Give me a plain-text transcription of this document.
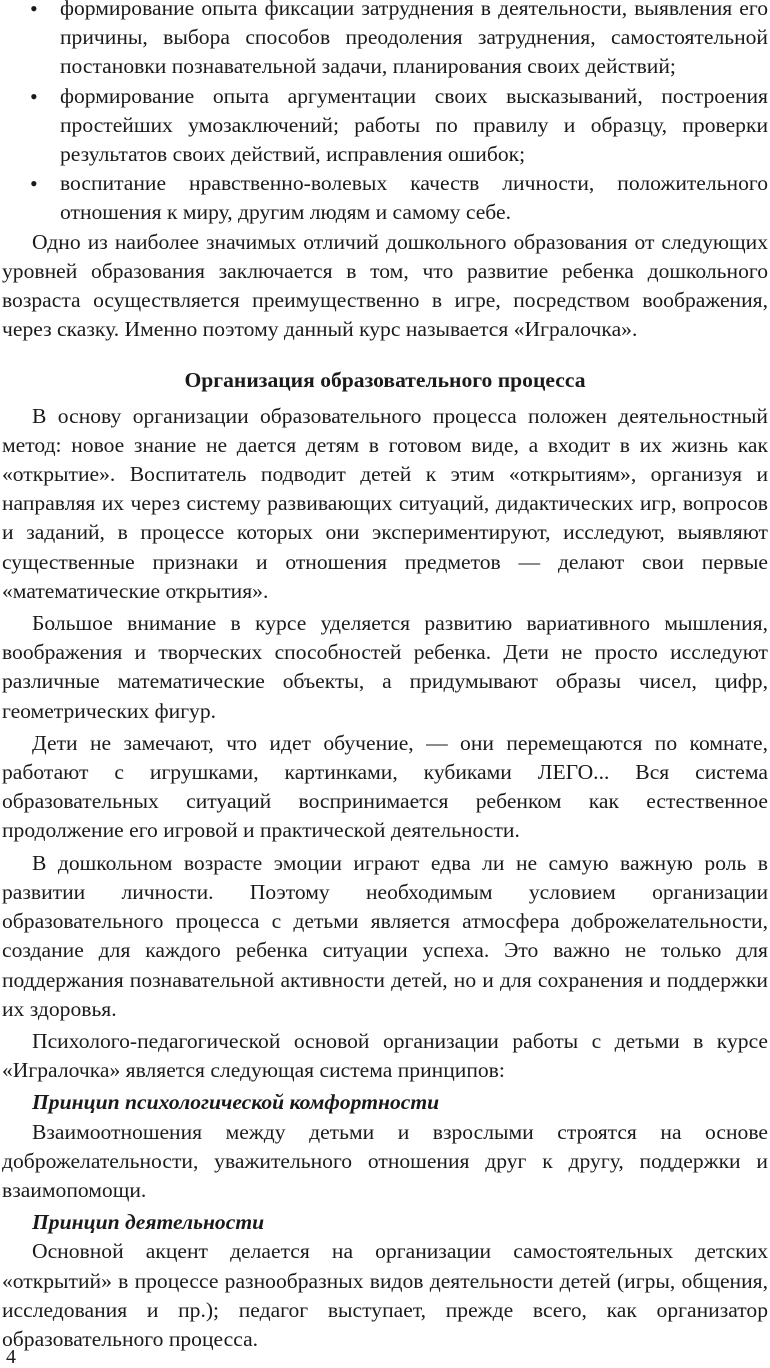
• формирование опыта фиксации затруднения в деятельности, выявления его причины, выбора способов преодоления затруднения, самостоятельной постановки познавательной задачи, планирования своих действий;
• формирование опыта аргументации своих высказываний, построения простейших умозаключений; работы по правилу и образцу, проверки результатов своих действий, исправления ошибок;
• воспитание нравственно-волевых качеств личности, положительного отношения к миру, другим людям и самому себе.

Одно из наиболее значимых отличий дошкольного образования от следующих уровней образования заключается в том, что развитие ребенка дошкольного возраста осуществляется преимущественно в игре, посредством воображения, через сказку. Именно поэтому данный курс называется «Игралочка».

Организация образовательного процесса

В основу организации образовательного процесса положен деятельностный метод: новое знание не дается детям в готовом виде, а входит в их жизнь как «открытие». Воспитатель подводит детей к этим «открытиям», организуя и направляя их через систему развивающих ситуаций, дидактических игр, вопросов и заданий, в процессе которых они экспериментируют, исследуют, выявляют существенные признаки и отношения предметов — делают свои первые «математические открытия».

Большое внимание в курсе уделяется развитию вариативного мышления, воображения и творческих способностей ребенка. Дети не просто исследуют различные математические объекты, а придумывают образы чисел, цифр, геометрических фигур.

Дети не замечают, что идет обучение, — они перемещаются по комнате, работают с игрушками, картинками, кубиками ЛЕГО... Вся система образовательных ситуаций воспринимается ребенком как естественное продолжение его игровой и практической деятельности.

В дошкольном возрасте эмоции играют едва ли не самую важную роль в развитии личности. Поэтому необходимым условием организации образовательного процесса с детьми является атмосфера доброжелательности, создание для каждого ребенка ситуации успеха. Это важно не только для поддержания познавательной активности детей, но и для сохранения и поддержки их здоровья.

Психолого-педагогической основой организации работы с детьми в курсе «Игралочка» является следующая система принципов:

Принцип психологической комфортности

Взаимоотношения между детьми и взрослыми строятся на основе доброжелательности, уважительного отношения друг к другу, поддержки и взаимопомощи.

Принцип деятельности

Основной акцент делается на организации самостоятельных детских «открытий» в процессе разнообразных видов деятельности детей (игры, общения, исследования и пр.); педагог выступает, прежде всего, как организатор образовательного процесса.

4
